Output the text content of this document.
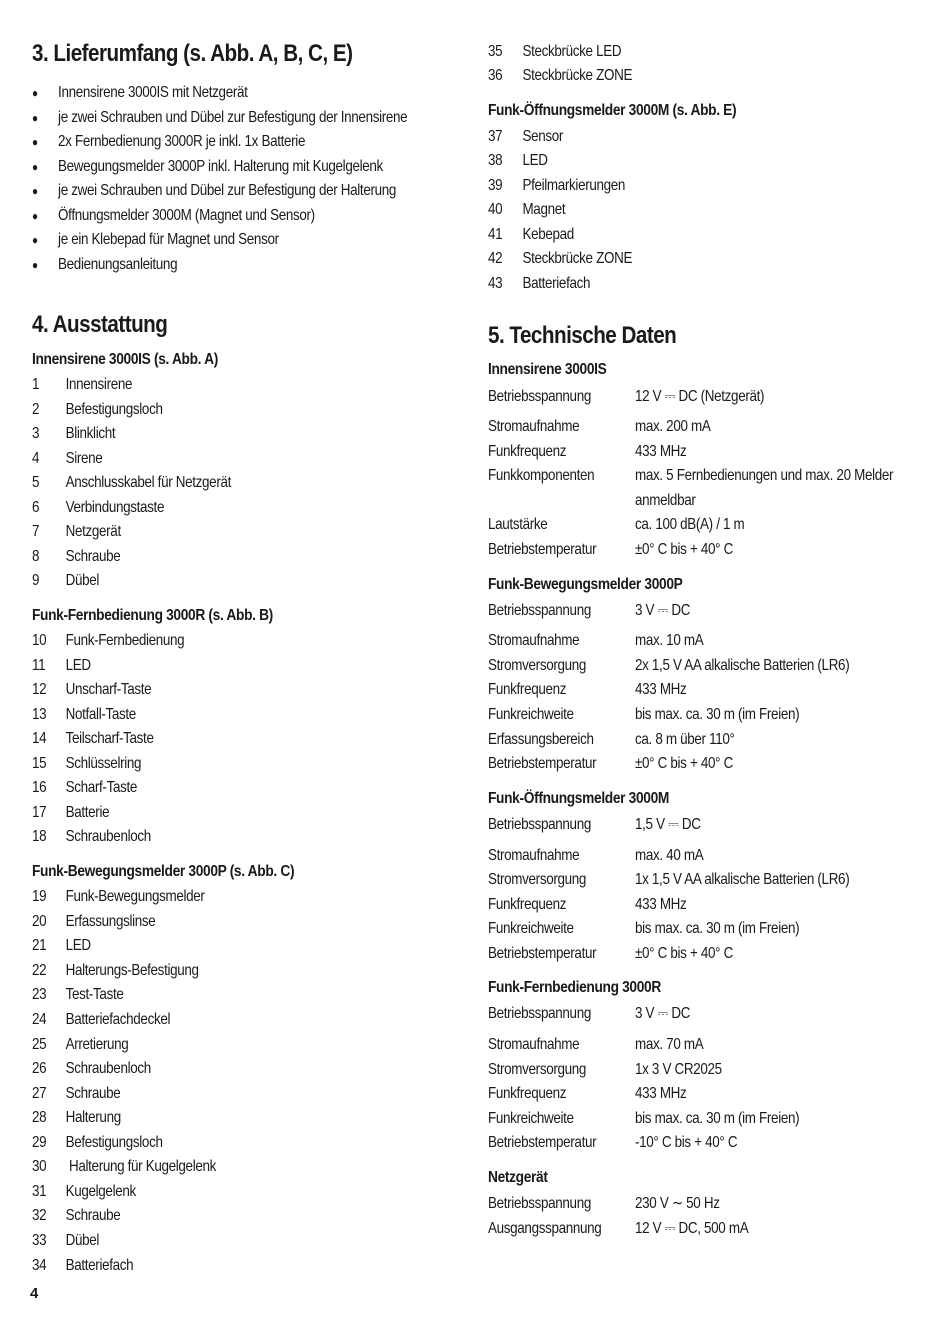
3. Lieferumfang (s. Abb. A, B, C, E)
● Innensirene 3000IS mit Netzgerät
● je zwei Schrauben und Dübel zur Befestigung der Innensirene
● 2x Fernbedienung 3000R je inkl. 1x Batterie
● Bewegungsmelder 3000P inkl. Halterung mit Kugelgelenk
● je zwei Schrauben und Dübel zur Befestigung der Halterung
● Öffnungsmelder 3000M (Magnet und Sensor)
● je ein Klebepad für Magnet und Sensor
● Bedienungsanleitung
4. Ausstattung
Innensirene 3000IS (s. Abb. A)
1 Innensirene
2 Befestigungsloch
3 Blinklicht
4 Sirene
5 Anschlusskabel für Netzgerät
6 Verbindungstaste
7 Netzgerät
8 Schraube
9 Dübel
Funk-Fernbedienung 3000R (s. Abb. B)
10 Funk-Fernbedienung
11 LED
12 Unscharf-Taste
13 Notfall-Taste
14 Teilscharf-Taste
15 Schlüsselring
16 Scharf-Taste
17 Batterie
18 Schraubenloch
Funk-Bewegungsmelder 3000P (s. Abb. C)
19 Funk-Bewegungsmelder
20 Erfassungslinse
21 LED
22 Halterungs-Befestigung
23 Test-Taste
24 Batteriefachdeckel
25 Arretierung
26 Schraubenloch
27 Schraube
28 Halterung
29 Befestigungsloch
30 Halterung für Kugelgelenk
31 Kugelgelenk
32 Schraube
33 Dübel
34 Batteriefach
35 Steckbrücke LED
36 Steckbrücke ZONE
Funk-Öffnungsmelder 3000M (s. Abb. E)
37 Sensor
38 LED
39 Pfeilmarkierungen
40 Magnet
41 Kebepad
42 Steckbrücke ZONE
43 Batteriefach
5. Technische Daten
Innensirene 3000IS
Betriebsspannung	12 V ⎓ DC (Netzgerät)
Stromaufnahme	max. 200 mA
Funkfrequenz	433 MHz
Funkkomponenten	max. 5 Fernbedienungen und max. 20 Melder
anmeldbar
Lautstärke	ca. 100 dB(A) / 1 m
Betriebstemperatur ±0° C bis + 40° C
Funk-Bewegungsmelder 3000P
Betriebsspannung	3 V ⎓ DC
Stromaufnahme	max. 10 mA
Stromversorgung	2x 1,5 V AA alkalische Batterien (LR6)
Funkfrequenz	433 MHz
Funkreichweite	bis max. ca. 30 m (im Freien)
Erfassungsbereich	ca. 8 m über 110°
Betriebstemperatur ±0° C bis + 40° C
Funk-Öffnungsmelder 3000M
Betriebsspannung	1,5 V ⎓ DC
Stromaufnahme	max. 40 mA
Stromversorgung	1x 1,5 V AA alkalische Batterien (LR6)
Funkfrequenz	433 MHz
Funkreichweite	bis max. ca. 30 m (im Freien)
Betriebstemperatur ±0° C bis + 40° C
Funk-Fernbedienung 3000R
Betriebsspannung	3 V ⎓ DC
Stromaufnahme	max. 70 mA
Stromversorgung	1x 3 V CR2025
Funkfrequenz	433 MHz
Funkreichweite	bis max. ca. 30 m (im Freien)
Betriebstemperatur -10° C bis + 40° C
Netzgerät
Betriebsspannung	230 V ∼ 50 Hz
Ausgangsspannung 12 V ⎓ DC, 500 mA
4
